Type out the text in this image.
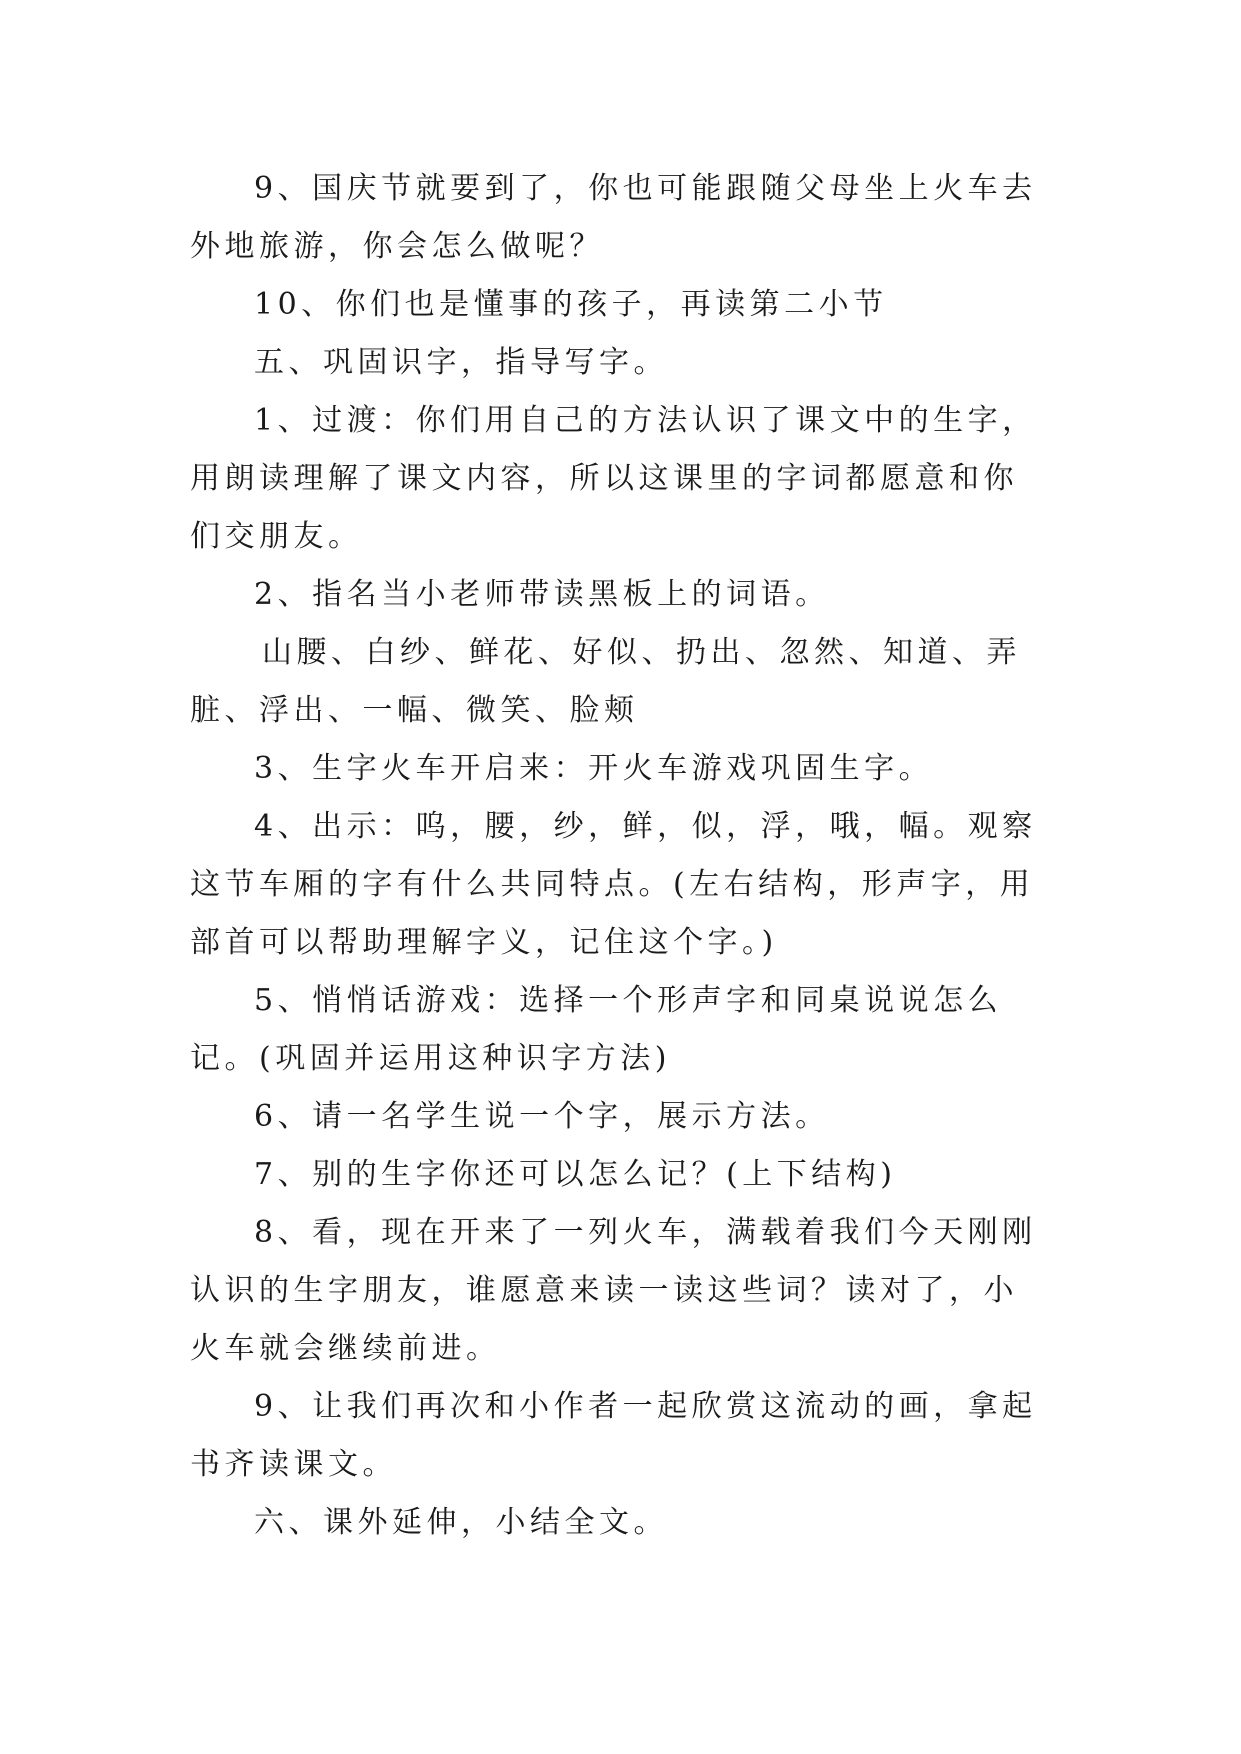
9、国庆节就要到了，你也可能跟随父母坐上火车去外地旅游，你会怎么做呢？

10、你们也是懂事的孩子，再读第二小节

五、巩固识字，指导写字。

1、过渡：你们用自己的方法认识了课文中的生字，用朗读理解了课文内容，所以这课里的字词都愿意和你们交朋友。

2、指名当小老师带读黑板上的词语。

山腰、白纱、鲜花、好似、扔出、忽然、知道、弄脏、浮出、一幅、微笑、脸颊

3、生字火车开启来：开火车游戏巩固生字。

4、出示：呜，腰，纱，鲜，似，浮，哦，幅。观察这节车厢的字有什么共同特点。(左右结构，形声字，用部首可以帮助理解字义，记住这个字。)

5、悄悄话游戏：选择一个形声字和同桌说说怎么记。(巩固并运用这种识字方法)

6、请一名学生说一个字，展示方法。

7、别的生字你还可以怎么记？(上下结构)

8、看，现在开来了一列火车，满载着我们今天刚刚认识的生字朋友，谁愿意来读一读这些词？读对了，小火车就会继续前进。

9、让我们再次和小作者一起欣赏这流动的画，拿起书齐读课文。

六、课外延伸，小结全文。
